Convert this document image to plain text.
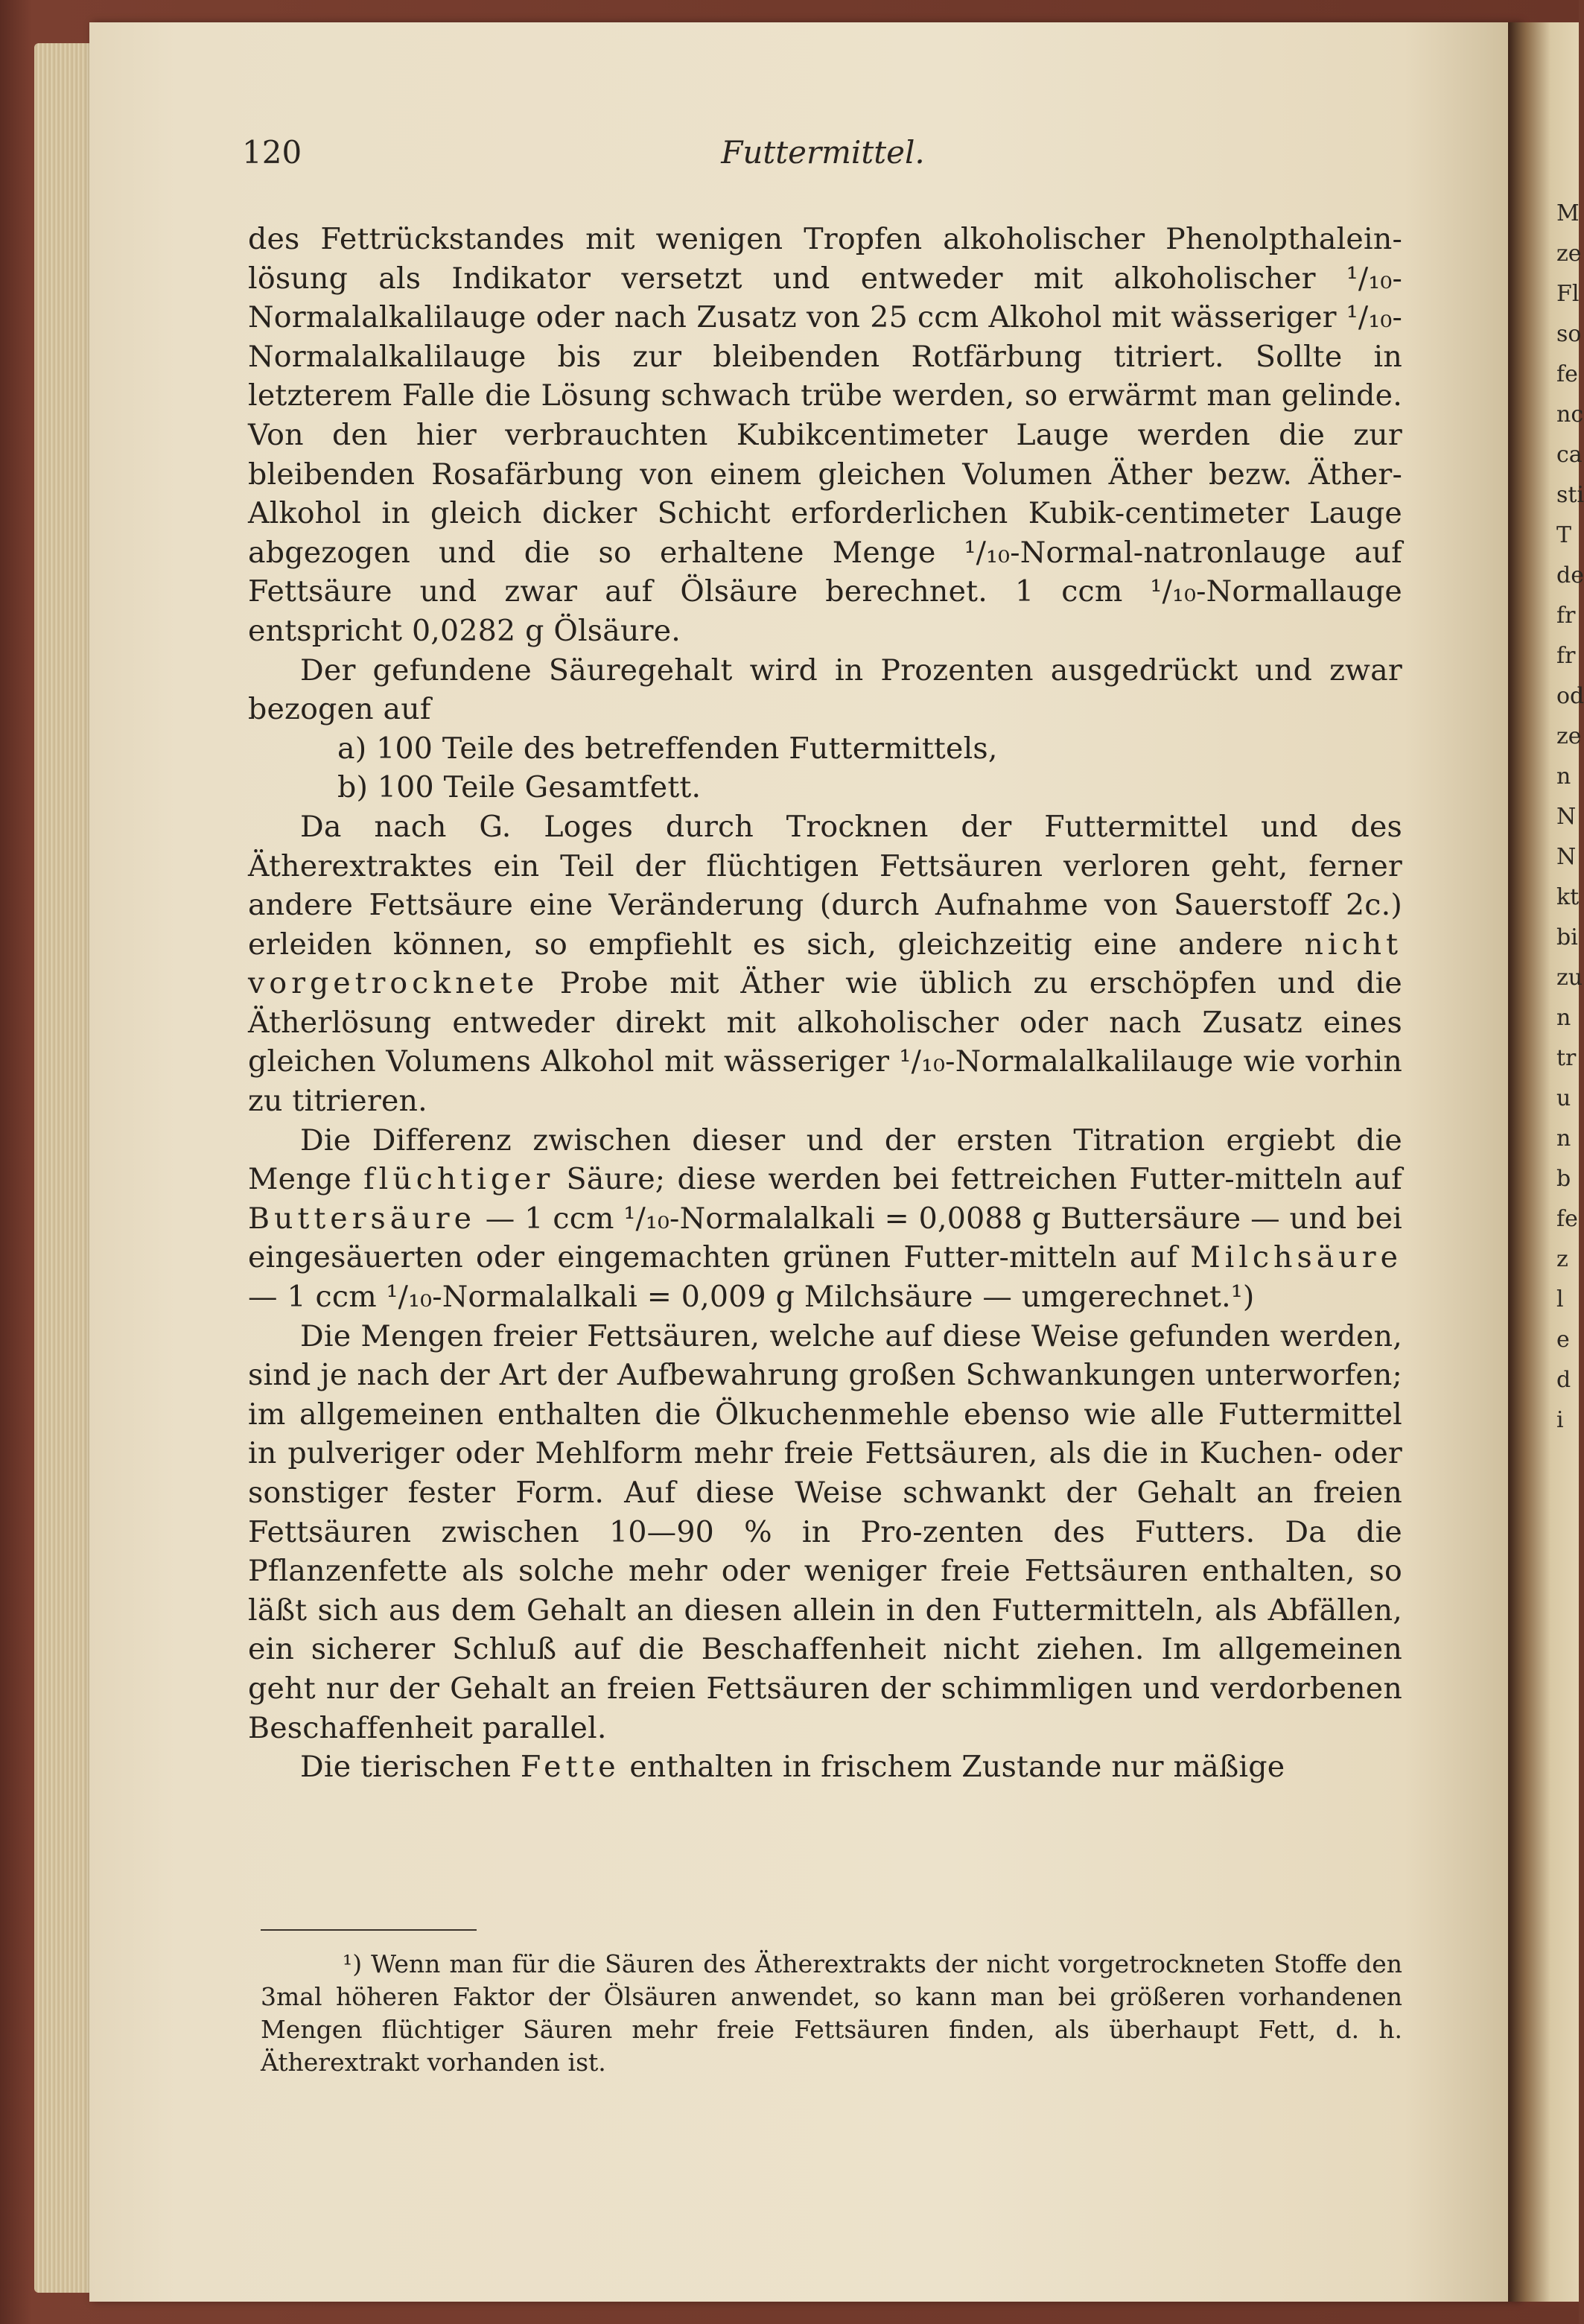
M ze Fl so fe nc ca sti T de fr fr od ze n N N kt bi zu n tr u n b fe z l e d i
120	Futtermittel.

des Fettrückstandes mit wenigen Tropfen alkoholischer Phenolpthalein-lösung als Indikator versetzt und entweder mit alkoholischer ¹/₁₀-Normalalkalilauge oder nach Zusatz von 25 ccm Alkohol mit wässeriger ¹/₁₀-Normalalkalilauge bis zur bleibenden Rotfärbung titriert. Sollte in letzterem Falle die Lösung schwach trübe werden, so erwärmt man gelinde. Von den hier verbrauchten Kubikcentimeter Lauge werden die zur bleibenden Rosafärbung von einem gleichen Volumen Äther bezw. Äther-Alkohol in gleich dicker Schicht erforderlichen Kubik-centimeter Lauge abgezogen und die so erhaltene Menge ¹/₁₀-Normal-natronlauge auf Fettsäure und zwar auf Ölsäure berechnet. 1 ccm ¹/₁₀-Normallauge entspricht 0,0282 g Ölsäure.

Der gefundene Säuregehalt wird in Prozenten ausgedrückt und zwar bezogen auf

a) 100 Teile des betreffenden Futtermittels,

b) 100 Teile Gesamtfett.

Da nach G. Loges durch Trocknen der Futtermittel und des Ätherextraktes ein Teil der flüchtigen Fettsäuren verloren geht, ferner andere Fettsäure eine Veränderung (durch Aufnahme von Sauerstoff 2c.) erleiden können, so empfiehlt es sich, gleichzeitig eine andere nicht vorgetrocknete Probe mit Äther wie üblich zu erschöpfen und die Ätherlösung entweder direkt mit alkoholischer oder nach Zusatz eines gleichen Volumens Alkohol mit wässeriger ¹/₁₀-Normalalkalilauge wie vorhin zu titrieren.

Die Differenz zwischen dieser und der ersten Titration ergiebt die Menge flüchtiger Säure; diese werden bei fettreichen Futter-mitteln auf Buttersäure — 1 ccm ¹/₁₀-Normalalkali = 0,0088 g Buttersäure — und bei eingesäuerten oder eingemachten grünen Futter-mitteln auf Milchsäure — 1 ccm ¹/₁₀-Normalalkali = 0,009 g Milchsäure — umgerechnet.¹)

Die Mengen freier Fettsäuren, welche auf diese Weise gefunden werden, sind je nach der Art der Aufbewahrung großen Schwankungen unterworfen; im allgemeinen enthalten die Ölkuchenmehle ebenso wie alle Futtermittel in pulveriger oder Mehlform mehr freie Fettsäuren, als die in Kuchen- oder sonstiger fester Form. Auf diese Weise schwankt der Gehalt an freien Fettsäuren zwischen 10—90 % in Pro-zenten des Futters. Da die Pflanzenfette als solche mehr oder weniger freie Fettsäuren enthalten, so läßt sich aus dem Gehalt an diesen allein in den Futtermitteln, als Abfällen, ein sicherer Schluß auf die Beschaffenheit nicht ziehen. Im allgemeinen geht nur der Gehalt an freien Fettsäuren der schimmligen und verdorbenen Beschaffenheit parallel.

Die tierischen Fette enthalten in frischem Zustande nur mäßige

¹) Wenn man für die Säuren des Ätherextrakts der nicht vorgetrockneten Stoffe den 3mal höheren Faktor der Ölsäuren anwendet, so kann man bei größeren vorhandenen Mengen flüchtiger Säuren mehr freie Fettsäuren finden, als überhaupt Fett, d. h. Ätherextrakt vorhanden ist.
